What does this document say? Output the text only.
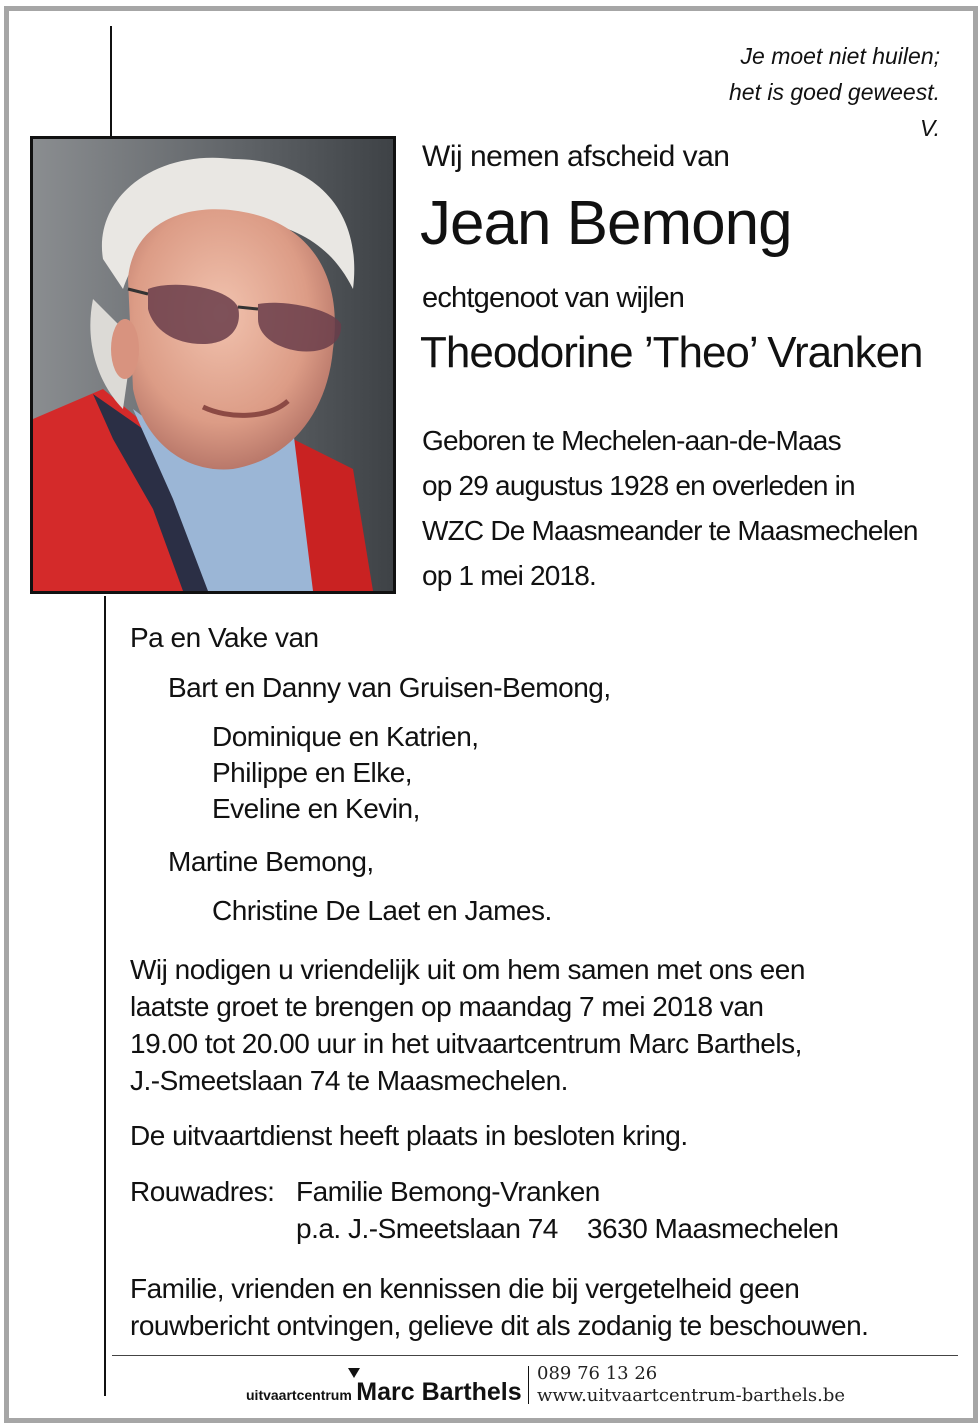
Je moet niet huilen;
het is goed geweest.
V.
Wij nemen afscheid van
Jean Bemong
echtgenoot van wijlen
Theodorine ’Theo’ Vranken
Geboren te Mechelen-aan-de-Maas
op 29 augustus 1928 en overleden in
WZC De Maasmeander te Maasmechelen
op 1 mei 2018.
Pa en Vake van
Bart en Danny van Gruisen-Bemong,
Dominique en Katrien,
Philippe en Elke,
Eveline en Kevin,
Martine Bemong,
Christine De Laet en James.
Wij nodigen u vriendelijk uit om hem samen met ons een
laatste groet te brengen op maandag 7 mei 2018 van
19.00 tot 20.00 uur in het uitvaartcentrum Marc Barthels,
J.-Smeetslaan 74 te Maasmechelen.
De uitvaartdienst heeft plaats in besloten kring.
Rouwadres: Familie Bemong-Vranken
p.a. J.-Smeetslaan 74    3630 Maasmechelen
Familie, vrienden en kennissen die bij vergetelheid geen
rouwbericht ontvingen, gelieve dit als zodanig te beschouwen.
uitvaartcentrum Marc Barthels
089 76 13 26
www.uitvaartcentrum-barthels.be
